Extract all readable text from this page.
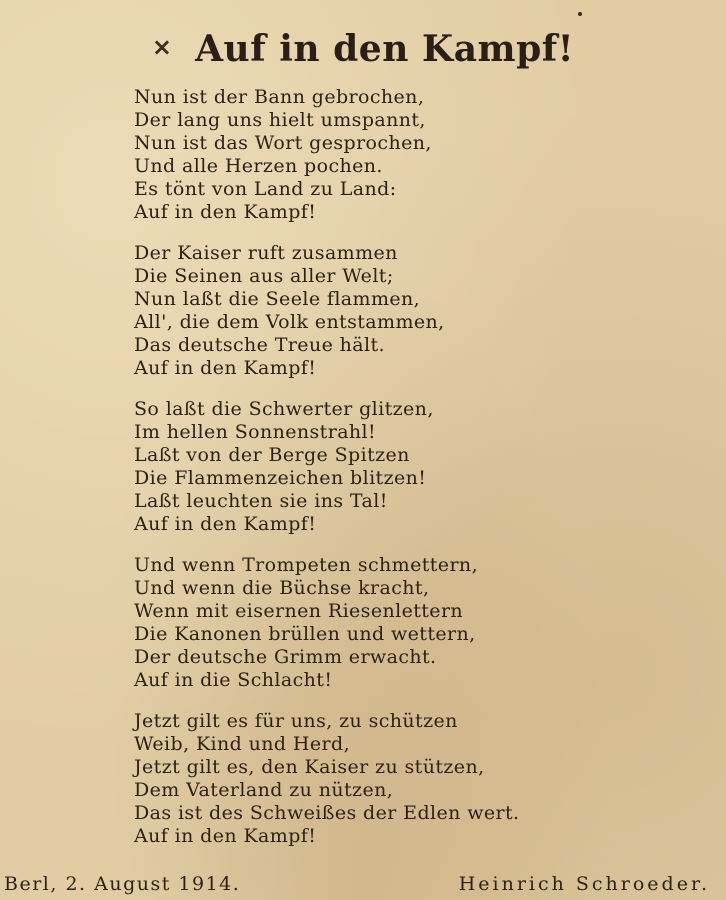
× Auf in den Kampf!
Nun ist der Bann gebrochen,
Der lang uns hielt umspannt,
Nun ist das Wort gesprochen,
Und alle Herzen pochen.
Es tönt von Land zu Land:
Auf in den Kampf!
Der Kaiser ruft zusammen
Die Seinen aus aller Welt;
Nun laßt die Seele flammen,
All', die dem Volk entstammen,
Das deutsche Treue hält.
Auf in den Kampf!
So laßt die Schwerter glitzen,
Im hellen Sonnenstrahl!
Laßt von der Berge Spitzen
Die Flammenzeichen blitzen!
Laßt leuchten sie ins Tal!
Auf in den Kampf!
Und wenn Trompeten schmettern,
Und wenn die Büchse kracht,
Wenn mit eisernen Riesenlettern
Die Kanonen brüllen und wettern,
Der deutsche Grimm erwacht.
Auf in die Schlacht!
Jetzt gilt es für uns, zu schützen
Weib, Kind und Herd,
Jetzt gilt es, den Kaiser zu stützen,
Dem Vaterland zu nützen,
Das ist des Schweißes der Edlen wert.
Auf in den Kampf!
Berl, 2. August 1914.	Heinrich Schroeder.
